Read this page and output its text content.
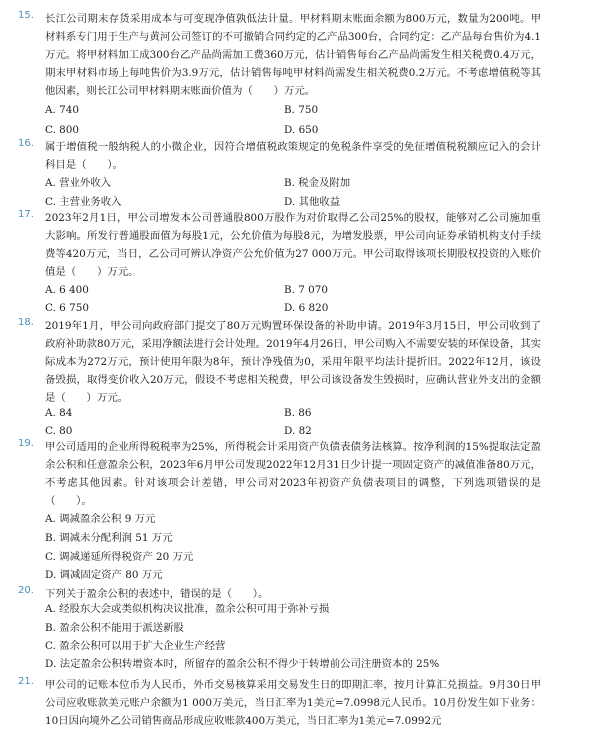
15. 长江公司期末存货采用成本与可变现净值孰低法计量。甲材料期末账面余额为800万元，数量为200吨。甲材料系专门用于生产与黄河公司签订的不可撤销合同约定的乙产品300台，合同约定：乙产品每台售价为4.1万元。将甲材料加工成300台乙产品尚需加工费360万元，估计销售每台乙产品尚需发生相关税费0.4万元，期末甲材料市场上每吨售价为3.9万元，估计销售每吨甲材料尚需发生相关税费0.2万元。不考虑增值税等其他因素，则长江公司甲材料期末账面价值为（　　）万元。
A. 740	B. 750
C. 800	D. 650
16. 属于增值税一般纳税人的小微企业，因符合增值税政策规定的免税条件享受的免征增值税税额应记入的会计科目是（　　）。
A. 营业外收入	B. 税金及附加
C. 主营业务收入	D. 其他收益
17. 2023年2月1日，甲公司增发本公司普通股800万股作为对价取得乙公司25%的股权，能够对乙公司施加重大影响。所发行普通股面值为每股1元，公允价值为每股8元，为增发股票，甲公司向证券承销机构支付手续费等420万元，当日，乙公司可辨认净资产公允价值为27 000万元。甲公司取得该项长期股权投资的入账价值是（　　）万元。
A. 6 400	B. 7 070
C. 6 750	D. 6 820
18. 2019年1月，甲公司向政府部门提交了80万元购置环保设备的补助申请。2019年3月15日，甲公司收到了政府补助款80万元，采用净额法进行会计处理。2019年4月26日，甲公司购入不需要安装的环保设备，其实际成本为272万元，预计使用年限为8年，预计净残值为0，采用年限平均法计提折旧。2022年12月，该设备毁损，取得变价收入20万元，假设不考虑相关税费，甲公司该设备发生毁损时，应确认营业外支出的金额是（　　）万元。
A. 84	B. 86
C. 80	D. 82
19. 甲公司适用的企业所得税税率为25%，所得税会计采用资产负债表债务法核算。按净利润的15%提取法定盈余公积和任意盈余公积，2023年6月甲公司发现2022年12月31日少计提一项固定资产的减值准备80万元，不考虑其他因素。针对该项会计差错，甲公司对2023年初资产负债表项目的调整，下列选项错误的是（　　）。
A. 调减盈余公积 9 万元
B. 调减未分配利润 51 万元
C. 调减递延所得税资产 20 万元
D. 调减固定资产 80 万元
20. 下列关于盈余公积的表述中，错误的是（　　）。
A. 经股东大会或类似机构决议批准，盈余公积可用于弥补亏损
B. 盈余公积不能用于派送新股
C. 盈余公积可以用于扩大企业生产经营
D. 法定盈余公积转增资本时，所留存的盈余公积不得少于转增前公司注册资本的 25%
21. 甲公司的记账本位币为人民币，外币交易核算采用交易发生日的即期汇率，按月计算汇兑损益。9月30日甲公司应收账款美元账户余额为1 000万美元，当日汇率为1美元=7.0998元人民币。10月份发生如下业务：10日因向境外乙公司销售商品形成应收账款400万美元，当日汇率为1美元=7.0992元
